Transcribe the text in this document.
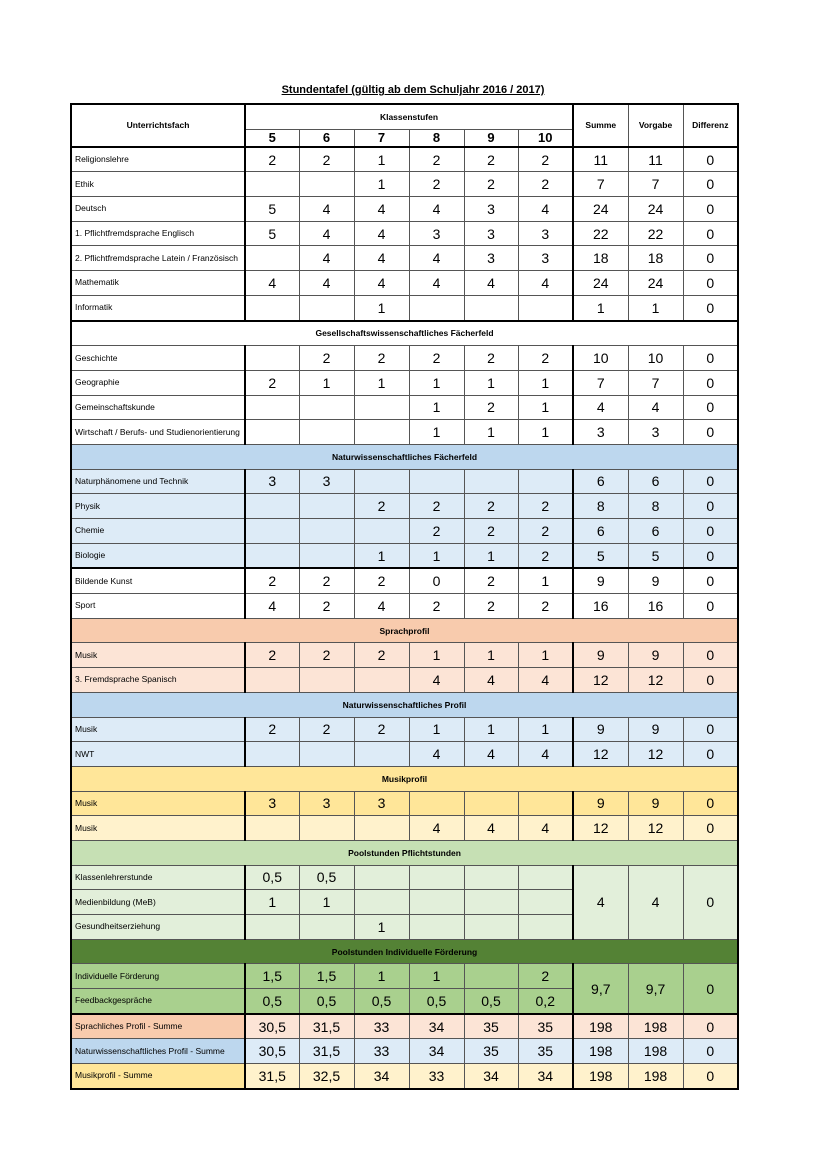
Stundentafel (gültig ab dem Schuljahr 2016 / 2017)
Unterrichtsfach	Klassenstufen						Summe	Vorgabe	Differenz
	5	6	7	8	9	10			
Religionslehre	2	2	1	2	2	2	11	11	0
Ethik			1	2	2	2	7	7	0
Deutsch	5	4	4	4	3	4	24	24	0
1. Pflichtfremdsprache Englisch	5	4	4	3	3	3	22	22	0
2. Pflichtfremdsprache Latein / Französisch		4	4	4	3	3	18	18	0
Mathematik	4	4	4	4	4	4	24	24	0
Informatik			1				1	1	0
Gesellschaftswissenschaftliches Fächerfeld									
Geschichte		2	2	2	2	2	10	10	0
Geographie	2	1	1	1	1	1	7	7	0
Gemeinschaftskunde				1	2	1	4	4	0
Wirtschaft / Berufs- und Studienorientierung				1	1	1	3	3	0
Naturwissenschaftliches Fächerfeld									
Naturphänomene und Technik	3	3					6	6	0
Physik			2	2	2	2	8	8	0
Chemie				2	2	2	6	6	0
Biologie			1	1	1	2	5	5	0
Bildende Kunst	2	2	2	0	2	1	9	9	0
Sport	4	2	4	2	2	2	16	16	0
Sprachprofil									
Musik	2	2	2	1	1	1	9	9	0
3. Fremdsprache Spanisch				4	4	4	12	12	0
Naturwissenschaftliches Profil									
Musik	2	2	2	1	1	1	9	9	0
NWT				4	4	4	12	12	0
Musikprofil									
Musik	3	3	3				9	9	0
Musik				4	4	4	12	12	0
Poolstunden Pflichtstunden									
Klassenlehrerstunde	0,5	0,5					4	4	0
Medienbildung (MeB)	1	1							
Gesundheitserziehung			1						
Poolstunden Individuelle Förderung									
Individuelle Förderung	1,5	1,5	1	1		2	9,7	9,7	0
Feedbackgespräche	0,5	0,5	0,5	0,5	0,5	0,2			
Sprachliches Profil - Summe	30,5	31,5	33	34	35	35	198	198	0
Naturwissenschaftliches Profil - Summe	30,5	31,5	33	34	35	35	198	198	0
Musikprofil - Summe	31,5	32,5	34	33	34	34	198	198	0
